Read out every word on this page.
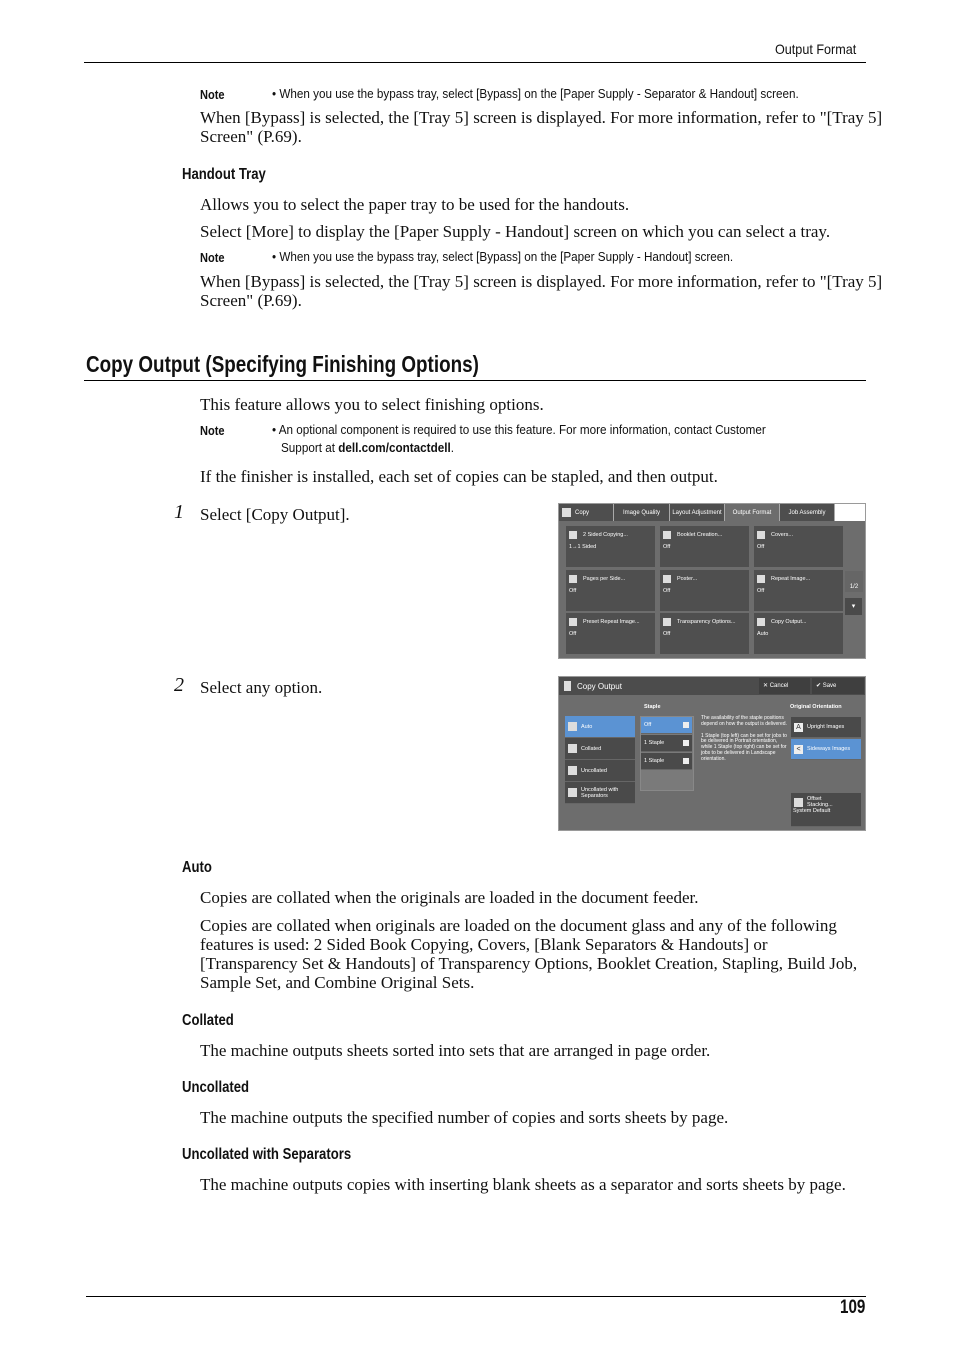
Output Format
Note	• When you use the bypass tray, select [Bypass] on the [Paper Supply - Separator & Handout] screen.
When [Bypass] is selected, the [Tray 5] screen is displayed. For more information, refer to "[Tray 5]
Screen" (P.69).
Handout Tray
Allows you to select the paper tray to be used for the handouts.
Select [More] to display the [Paper Supply - Handout] screen on which you can select a tray.
Note	• When you use the bypass tray, select [Bypass] on the [Paper Supply - Handout] screen.
When [Bypass] is selected, the [Tray 5] screen is displayed. For more information, refer to "[Tray 5]
Screen" (P.69).
Copy Output (Specifying Finishing Options)
This feature allows you to select finishing options.
Note	• An optional component is required to use this feature. For more information, contact Customer
Support at dell.com/contactdell.
If the finisher is installed, each set of copies can be stapled, and then output.
1 Select [Copy Output].
2 Select any option.
Copy	Image Quality	Layout Adjustment	Output Format	Job Assembly
2 Sided Copying...
1→1 Sided
Booklet Creation...
Off
Covers...
Off
Pages per Side...
Off
Poster...
Off
Repeat Image...
Off
Preset Repeat Image...
Off
Transparency Options...
Off
Copy Output...
Auto
1/2
▾
Copy Output	✕ Cancel	✔ Save
Staple	Original Orientation
Auto
Collated
Uncollated
Uncollated with Separators
Off
1 Staple
1 Staple
The availability of the staple positions depend on how the output is delivered.
1 Staple (top left) can be set for jobs to be delivered in Portrait orientation, while 1 Staple (top right) can be set for jobs to be delivered in Landscape orientation.
A	Upright Images
<	Sideways Images
Offset Stacking...
System Default
Auto
Copies are collated when the originals are loaded in the document feeder.
Copies are collated when originals are loaded on the document glass and any of the following features is used: 2 Sided Book Copying, Covers, [Blank Separators & Handouts] or [Transparency Set & Handouts] of Transparency Options, Booklet Creation, Stapling, Build Job, Sample Set, and Combine Original Sets.
Collated
The machine outputs sheets sorted into sets that are arranged in page order.
Uncollated
The machine outputs the specified number of copies and sorts sheets by page.
Uncollated with Separators
The machine outputs copies with inserting blank sheets as a separator and sorts sheets by page.
109
